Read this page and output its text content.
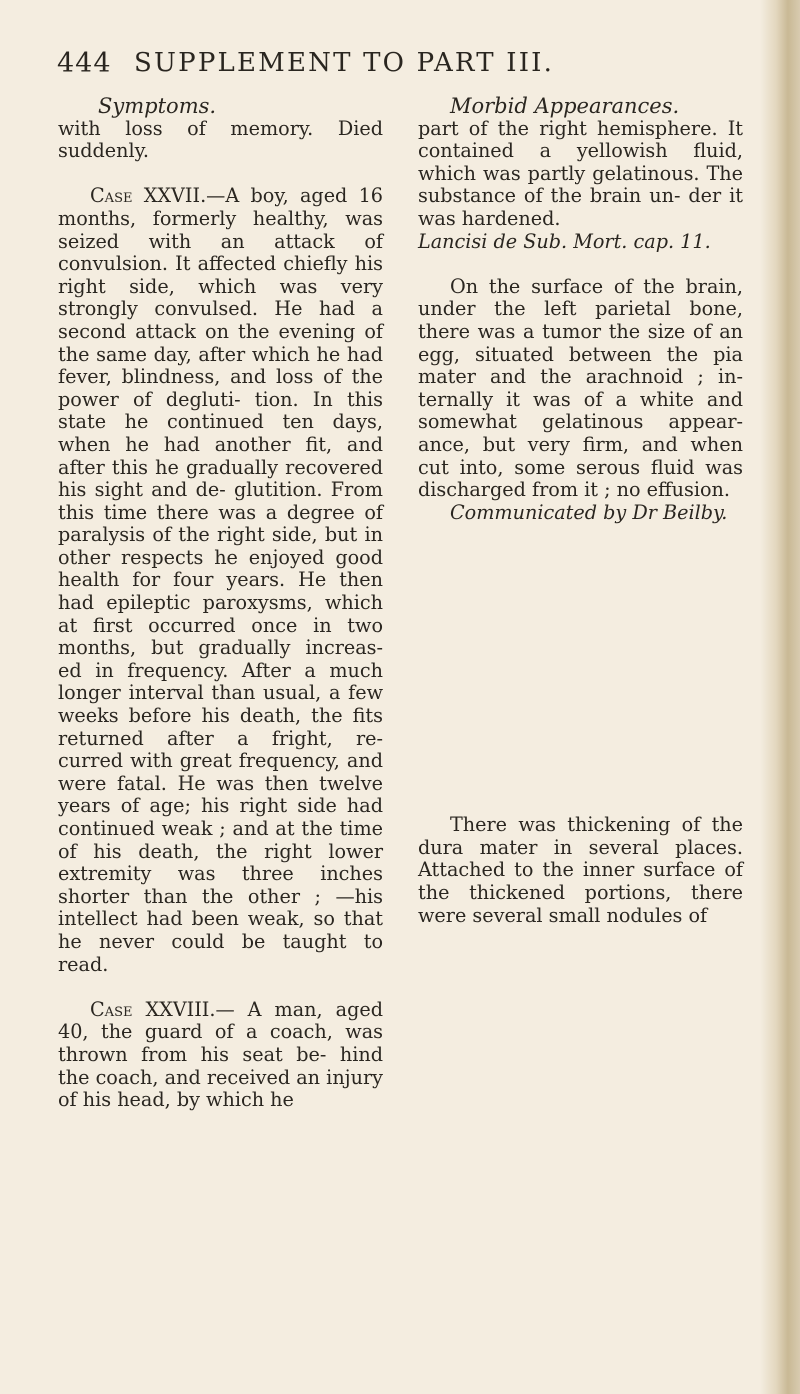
444 SUPPLEMENT TO PART III.
Symptoms.

with loss of memory. Died suddenly.

Case XXVII.—A boy, aged 16 months, formerly healthy, was seized with an attack of convulsion. It affected chiefly his right side, which was very strongly convulsed. He had a second attack on the evening of the same day, after which he had fever, blindness, and loss of the power of degluti- tion. In this state he continued ten days, when he had another fit, and after this he gradually recovered his sight and de- glutition. From this time there was a degree of paralysis of the right side, but in other respects he enjoyed good health for four years. He then had epileptic paroxysms, which at first occurred once in two months, but gradually increas- ed in frequency. After a much longer interval than usual, a few weeks before his death, the fits returned after a fright, re- curred with great frequency, and were fatal. He was then twelve years of age; his right side had continued weak ; and at the time of his death, the right lower extremity was three inches shorter than the other ; —his intellect had been weak, so that he never could be taught to read.

Case XXVIII.— A man, aged 40, the guard of a coach, was thrown from his seat be- hind the coach, and received an injury of his head, by which he

Morbid Appearances.

part of the right hemisphere. It contained a yellowish fluid, which was partly gelatinous. The substance of the brain un- der it was hardened.

Lancisi de Sub. Mort. cap. 11.

On the surface of the brain, under the left parietal bone, there was a tumor the size of an egg, situated between the pia mater and the arachnoid ; in- ternally it was of a white and somewhat gelatinous appear- ance, but very firm, and when cut into, some serous fluid was discharged from it ; no effusion.

Communicated by Dr Beilby.

There was thickening of the dura mater in several places. Attached to the inner surface of the thickened portions, there were several small nodules of
